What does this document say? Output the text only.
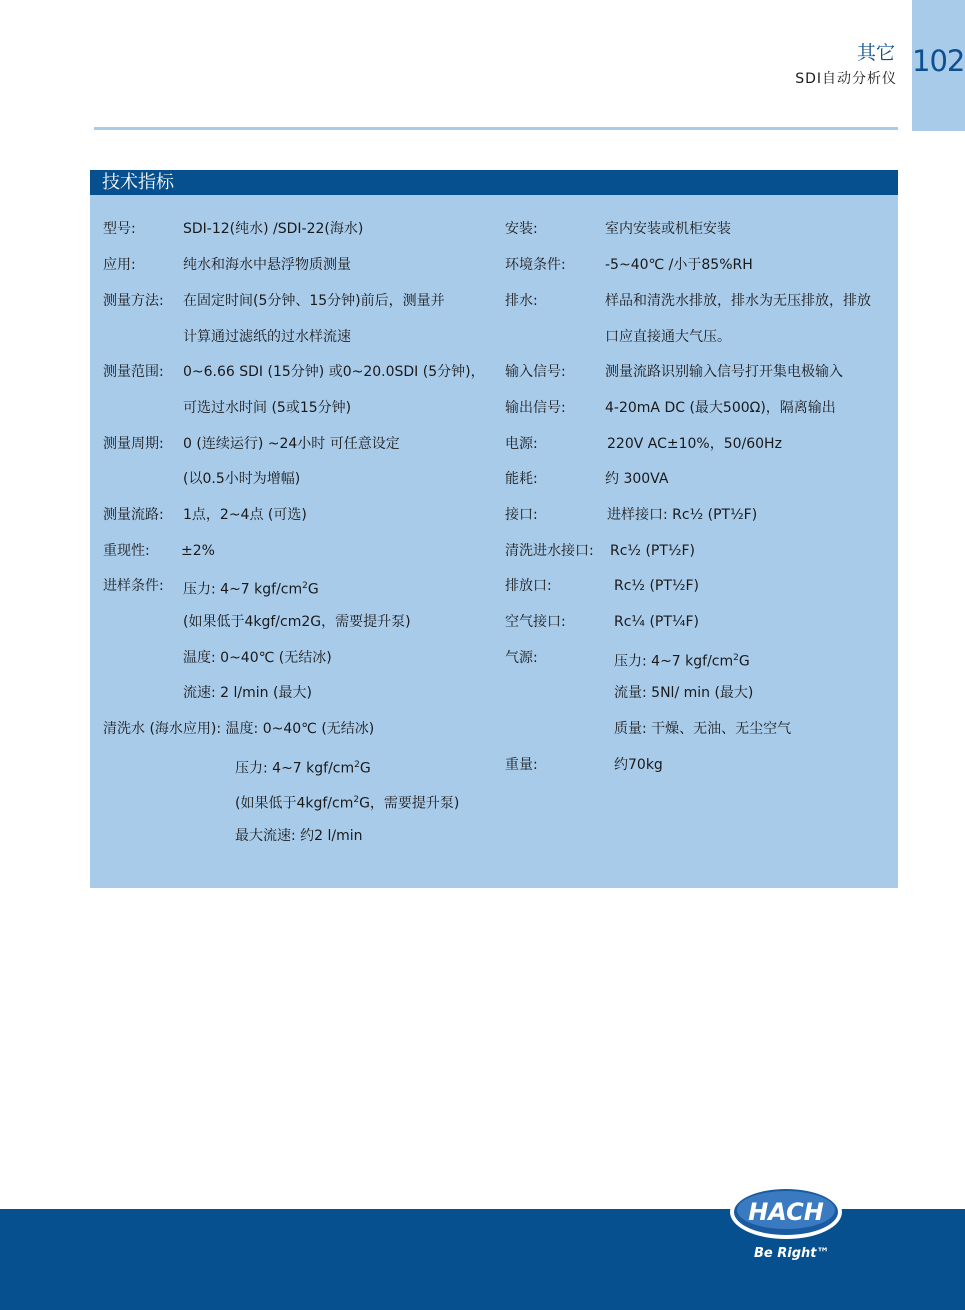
102
其它
SDI自动分析仪
技术指标
型号:	SDI-12(纯水) /SDI-22(海水)
应用:	纯水和海水中悬浮物质测量
测量方法: 在固定时间(5分钟、15分钟)前后，测量并
计算通过滤纸的过水样流速
测量范围: 0~6.66 SDI (15分钟) 或0~20.0SDI (5分钟)，
可选过水时间 (5或15分钟)
测量周期: 0 (连续运行) ~24小时 可任意设定
(以0.5小时为增幅)
测量流路: 1点，2~4点 (可选)
重现性: ±2%
进样条件: 压力: 4~7 kgf/$cm^2G$
(如果低于4kgf/cm2G，需要提升泵)
温度: 0~40℃ (无结冰)
流速: 2 l/min (最大)
清洗水 (海水应用): 温度: 0~40℃ (无结冰)
压力: 4~7 kgf/$cm^2G$
(如果低于$4kgf/cm^2G$，需要提升泵)
最大流速: 约2 l/min
安装:	室内安装或机柜安装
环境条件:	-5~40℃ /小于85%RH
排水:	样品和清洗水排放，排水为无压排放，排放
口应直接通大气压。
输入信号:	测量流路识别输入信号打开集电极输入
输出信号:	4-20mA DC (最大500Ω)，隔离输出
电源:	220V AC±10%，50/60Hz
能耗:	约 300VA
接口:	进样接口: Rc½ (PT½F)
清洗进水接口: Rc½ (PT½F)
排放口:	Rc½ (PT½F)
空气接口:	Rc¼ (PT¼F)
气源:	压力: 4~7 kgf/$cm^2G$
流量: 5Nl/ min (最大)
质量: 干燥、无油、无尘空气
重量:	约70kg
HACH ®
Be Right™
